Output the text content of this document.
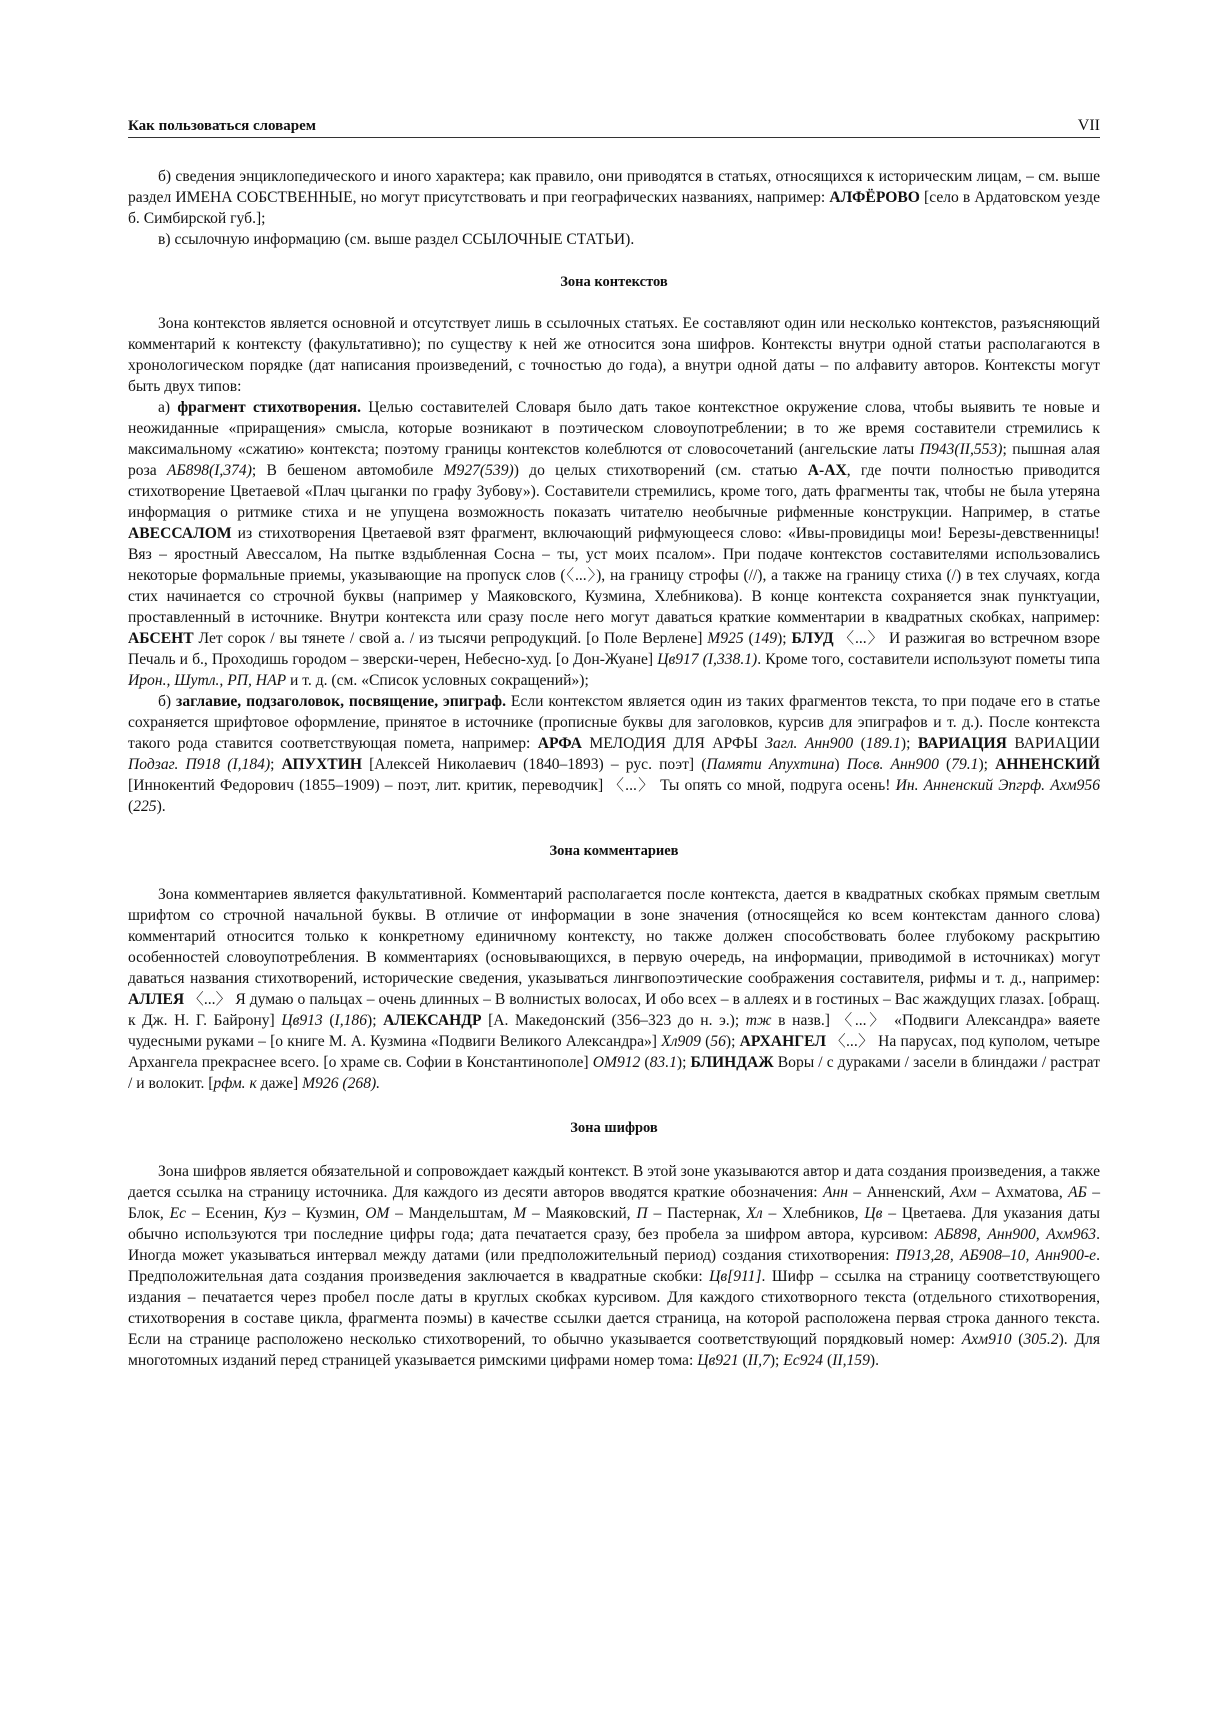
Как пользоваться словарем	VII

б) сведения энциклопедического и иного характера; как правило, они приводятся в статьях, относящихся к историческим лицам, – см. выше раздел ИМЕНА СОБСТВЕННЫЕ, но могут присутствовать и при географических названиях, например: АЛФЁРОВО [село в Ардатовском уезде б. Симбирской губ.];

в) ссылочную информацию (см. выше раздел ССЫЛОЧНЫЕ СТАТЬИ).

Зона контекстов

Зона контекстов является основной и отсутствует лишь в ссылочных статьях. Ее составляют один или несколько контекстов, разъясняющий комментарий к контексту (факультативно); по существу к ней же относится зона шифров. Контексты внутри одной статьи располагаются в хронологическом порядке (дат написания произведений, с точностью до года), а внутри одной даты – по алфавиту авторов. Контексты могут быть двух типов:

а) фрагмент стихотворения. Целью составителей Словаря было дать такое контекстное окружение слова, чтобы выявить те новые и неожиданные «приращения» смысла, которые возникают в поэтическом словоупотреблении; в то же время составители стремились к максимальному «сжатию» контекста; поэтому границы контекстов колеблются от словосочетаний (ангельские латы П943(II,553); пышная алая роза АБ898(I,374); В бешеном автомобиле М927(539)) до целых стихотворений (см. статью А-АХ, где почти полностью приводится стихотворение Цветаевой «Плач цыганки по графу Зубову»). Составители стремились, кроме того, дать фрагменты так, чтобы не была утеряна информация о ритмике стиха и не упущена возможность показать читателю необычные рифменные конструкции. Например, в статье АВЕССАЛОМ из стихотворения Цветаевой взят фрагмент, включающий рифмующееся слово: «Ивы-провидицы мои! Березы-девственницы! Вяз – яростный Авессалом, На пытке вздыбленная Сосна – ты, уст моих псалом». При подаче контекстов составителями использовались некоторые формальные приемы, указывающие на пропуск слов (〈...〉), на границу строфы (//), а также на границу стиха (/) в тех случаях, когда стих начинается со строчной буквы (например у Маяковского, Кузмина, Хлебникова). В конце контекста сохраняется знак пунктуации, проставленный в источнике. Внутри контекста или сразу после него могут даваться краткие комментарии в квадратных скобках, например: АБСЕНТ Лет сорок / вы тянете / свой а. / из тысячи репродукций. [о Поле Верлене] М925 (149); БЛУД 〈...〉 И разжигая во встречном взоре Печаль и б., Проходишь городом – зверски-черен, Небесно-худ. [о Дон-Жуане] Цв917 (I,338.1). Кроме того, составители используют пометы типа Ирон., Шутл., РП, НАР и т. д. (см. «Список условных сокращений»);

б) заглавие, подзаголовок, посвящение, эпиграф. Если контекстом является один из таких фрагментов текста, то при подаче его в статье сохраняется шрифтовое оформление, принятое в источнике (прописные буквы для заголовков, курсив для эпиграфов и т. д.). После контекста такого рода ставится соответствующая помета, например: АРФА МЕЛОДИЯ ДЛЯ АРФЫ Загл. Анн900 (189.1); ВАРИАЦИЯ ВАРИАЦИИ Подзаг. П918 (I,184); АПУХТИН [Алексей Николаевич (1840–1893) – рус. поэт] (Памяти Апухтина) Посв. Анн900 (79.1); АННЕНСКИЙ [Иннокентий Федорович (1855–1909) – поэт, лит. критик, переводчик] 〈...〉 Ты опять со мной, подруга осень! Ин. Анненский Эпгрф. Ахм956 (225).

Зона комментариев

Зона комментариев является факультативной. Комментарий располагается после контекста, дается в квадратных скобках прямым светлым шрифтом со строчной начальной буквы. В отличие от информации в зоне значения (относящейся ко всем контекстам данного слова) комментарий относится только к конкретному единичному контексту, но также должен способствовать более глубокому раскрытию особенностей словоупотребления. В комментариях (основывающихся, в первую очередь, на информации, приводимой в источниках) могут даваться названия стихотворений, исторические сведения, указываться лингвопоэтические соображения составителя, рифмы и т. д., например: АЛЛЕЯ 〈...〉 Я думаю о пальцах – очень длинных – В волнистых волосах, И обо всех – в аллеях и в гостиных – Вас жаждущих глазах. [обращ. к Дж. Н. Г. Байрону] Цв913 (I,186); АЛЕКСАНДР [А. Македонский (356–323 до н. э.); тж в назв.] 〈...〉 «Подвиги Александра» ваяете чудесными руками – [о книге М. А. Кузмина «Подвиги Великого Александра»] Хл909 (56); АРХАНГЕЛ 〈...〉 На парусах, под куполом, четыре Архангела прекраснее всего. [о храме св. Софии в Константинополе] ОМ912 (83.1); БЛИНДАЖ Воры / с дураками / засели в блиндажи / растрат / и волокит. [рфм. к даже] М926 (268).

Зона шифров

Зона шифров является обязательной и сопровождает каждый контекст. В этой зоне указываются автор и дата создания произведения, а также дается ссылка на страницу источника. Для каждого из десяти авторов вводятся краткие обозначения: Анн – Анненский, Ахм – Ахматова, АБ – Блок, Ес – Есенин, Куз – Кузмин, ОМ – Мандельштам, М – Маяковский, П – Пастернак, Хл – Хлебников, Цв – Цветаева. Для указания даты обычно используются три последние цифры года; дата печатается сразу, без пробела за шифром автора, курсивом: АБ898, Анн900, Ахм963. Иногда может указываться интервал между датами (или предположительный период) создания стихотворения: П913,28, АБ908–10, Анн900-е. Предположительная дата создания произведения заключается в квадратные скобки: Цв[911]. Шифр – ссылка на страницу соответствующего издания – печатается через пробел после даты в круглых скобках курсивом. Для каждого стихотворного текста (отдельного стихотворения, стихотворения в составе цикла, фрагмента поэмы) в качестве ссылки дается страница, на которой расположена первая строка данного текста. Если на странице расположено несколько стихотворений, то обычно указывается соответствующий порядковый номер: Ахм910 (305.2). Для многотомных изданий перед страницей указывается римскими цифрами номер тома: Цв921 (II,7); Ес924 (II,159).
